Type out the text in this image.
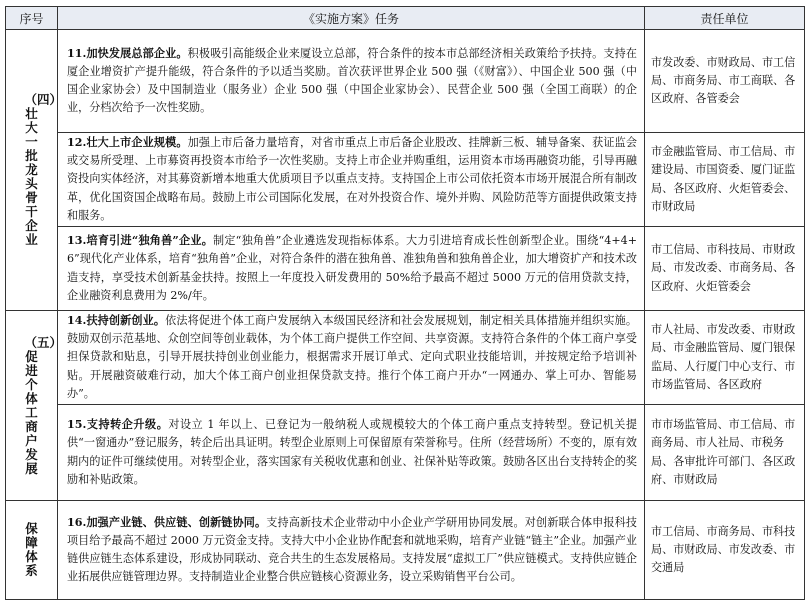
序号	《实施方案》任务	责任单位
（四）壮大一批龙头骨干企业	11.加快发展总部企业。积极吸引高能级企业来厦设立总部，符合条件的按本市总部经济相关政策给予扶持。支持在厦企业增资扩产提升能级，符合条件的予以适当奖励。首次获评世界企业 500 强（《财富》）、中国企业 500 强（中国企业家协会）及中国制造业（服务业）企业 500 强（中国企业家协会）、民营企业 500 强（全国工商联）的企业，分档次给予一次性奖励。	市发改委、市财政局、市工信局、市商务局、市工商联、各区政府、各管委会
	12.壮大上市企业规模。加强上市后备力量培育，对省市重点上市后备企业股改、挂牌新三板、辅导备案、获证监会或交易所受理、上市募资再投资本市给予一次性奖励。支持上市企业并购重组，运用资本市场再融资功能，引导再融资投向实体经济，对其募资新增本地重大优质项目予以重点支持。支持国企上市公司依托资本市场开展混合所有制改革，优化国资国企战略布局。鼓励上市公司国际化发展，在对外投资合作、境外并购、风险防范等方面提供政策支持和服务。	市金融监管局、市工信局、市建设局、市国资委、厦门证监局、各区政府、火炬管委会、市财政局
	13.培育引进“独角兽”企业。制定“独角兽”企业遴选发现指标体系。大力引进培育成长性创新型企业。围绕“4+4+6”现代化产业体系，培育“独角兽”企业，对符合条件的潜在独角兽、准独角兽和独角兽企业，加大增资扩产和技术改造支持，享受技术创新基金扶持。按照上一年度投入研发费用的 50%给予最高不超过 5000 万元的信用贷款支持，企业融资利息费用为 2%/年。	市工信局、市科技局、市财政局、市发改委、市商务局、各区政府、火炬管委会
（五）促进个体工商户发展	14.扶持创新创业。依法将促进个体工商户发展纳入本级国民经济和社会发展规划，制定相关具体措施并组织实施。鼓励双创示范基地、众创空间等创业载体，为个体工商户提供工作空间、共享资源。支持符合条件的个体工商户享受担保贷款和贴息，引导开展扶持创业创业能力，根据需求开展订单式、定向式职业技能培训，并按规定给予培训补贴。开展融资破难行动，加大个体工商户创业担保贷款支持。推行个体工商户开办“一网通办、掌上可办、智能易办”。	市人社局、市发改委、市财政局、市金融监管局、厦门银保监局、人行厦门中心支行、市市场监管局、各区政府
	15.支持转企升级。对设立 1 年以上、已登记为一般纳税人或规模较大的个体工商户重点支持转型。登记机关提供“一窗通办”登记服务，转企后出具证明。转型企业原则上可保留原有荣誉称号。住所（经营场所）不变的，原有效期内的证件可继续使用。对转型企业，落实国家有关税收优惠和创业、社保补贴等政策。鼓励各区出台支持转企的奖励和补贴政策。	市市场监管局、市工信局、市商务局、市人社局、市税务局、各审批许可部门、各区政府、市财政局
保障体系	16.加强产业链、供应链、创新链协同。支持高新技术企业带动中小企业产学研用协同发展。对创新联合体申报科技项目给予最高不超过 2000 万元资金支持。支持大中小企业协作配套和就地采购，培育产业链“链主”企业。加强产业链供应链生态体系建设，形成协同联动、竞合共生的生态发展格局。支持发展“虚拟工厂”供应链模式。支持供应链企业拓展供应链管理边界。支持制造业企业整合供应链核心资源业务，设立采购销售平台公司。	市工信局、市商务局、市科技局、市财政局、市发改委、市交通局
